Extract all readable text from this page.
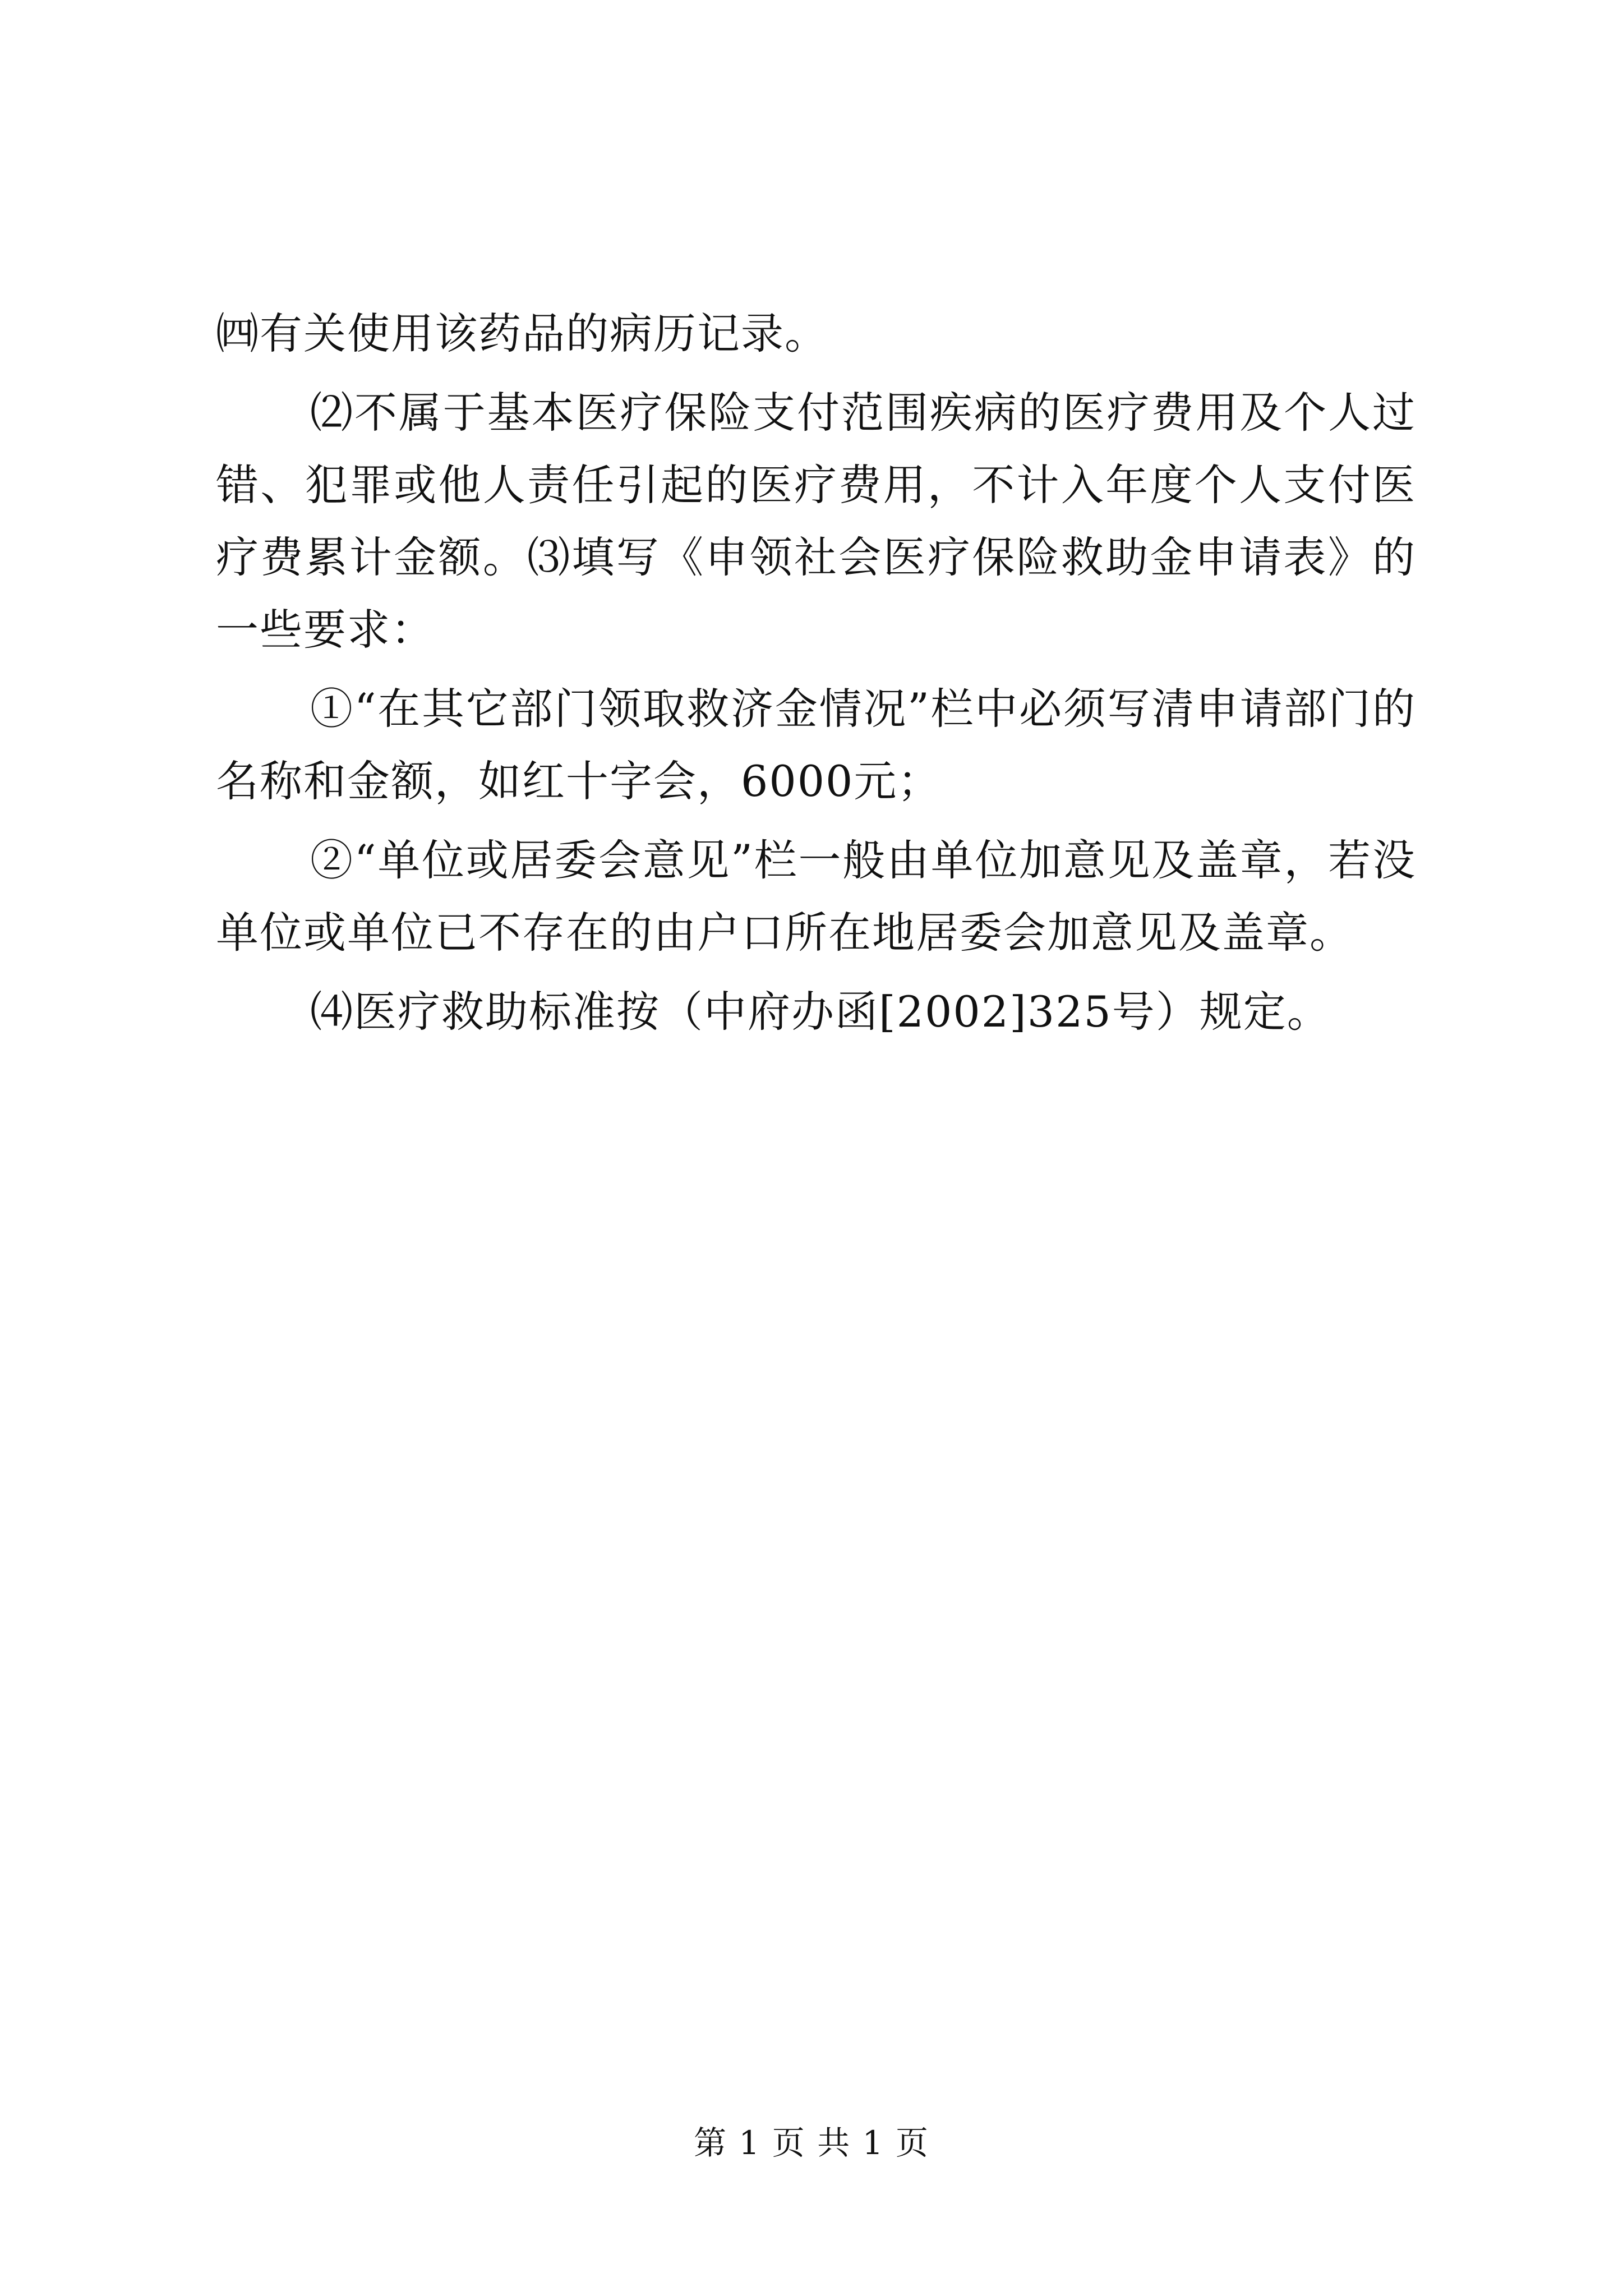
㈣有关使用该药品的病历记录。

⑵不属于基本医疗保险支付范围疾病的医疗费用及个人过错、犯罪或他人责任引起的医疗费用，不计入年度个人支付医疗费累计金额。⑶填写《申领社会医疗保险救助金申请表》的一些要求：

①“在其它部门领取救济金情况”栏中必须写清申请部门的名称和金额，如红十字会，6000元；

②“单位或居委会意见”栏一般由单位加意见及盖章，若没单位或单位已不存在的由户口所在地居委会加意见及盖章。

⑷医疗救助标准按（中府办函[2002]325号）规定。

第 1 页 共 1 页
